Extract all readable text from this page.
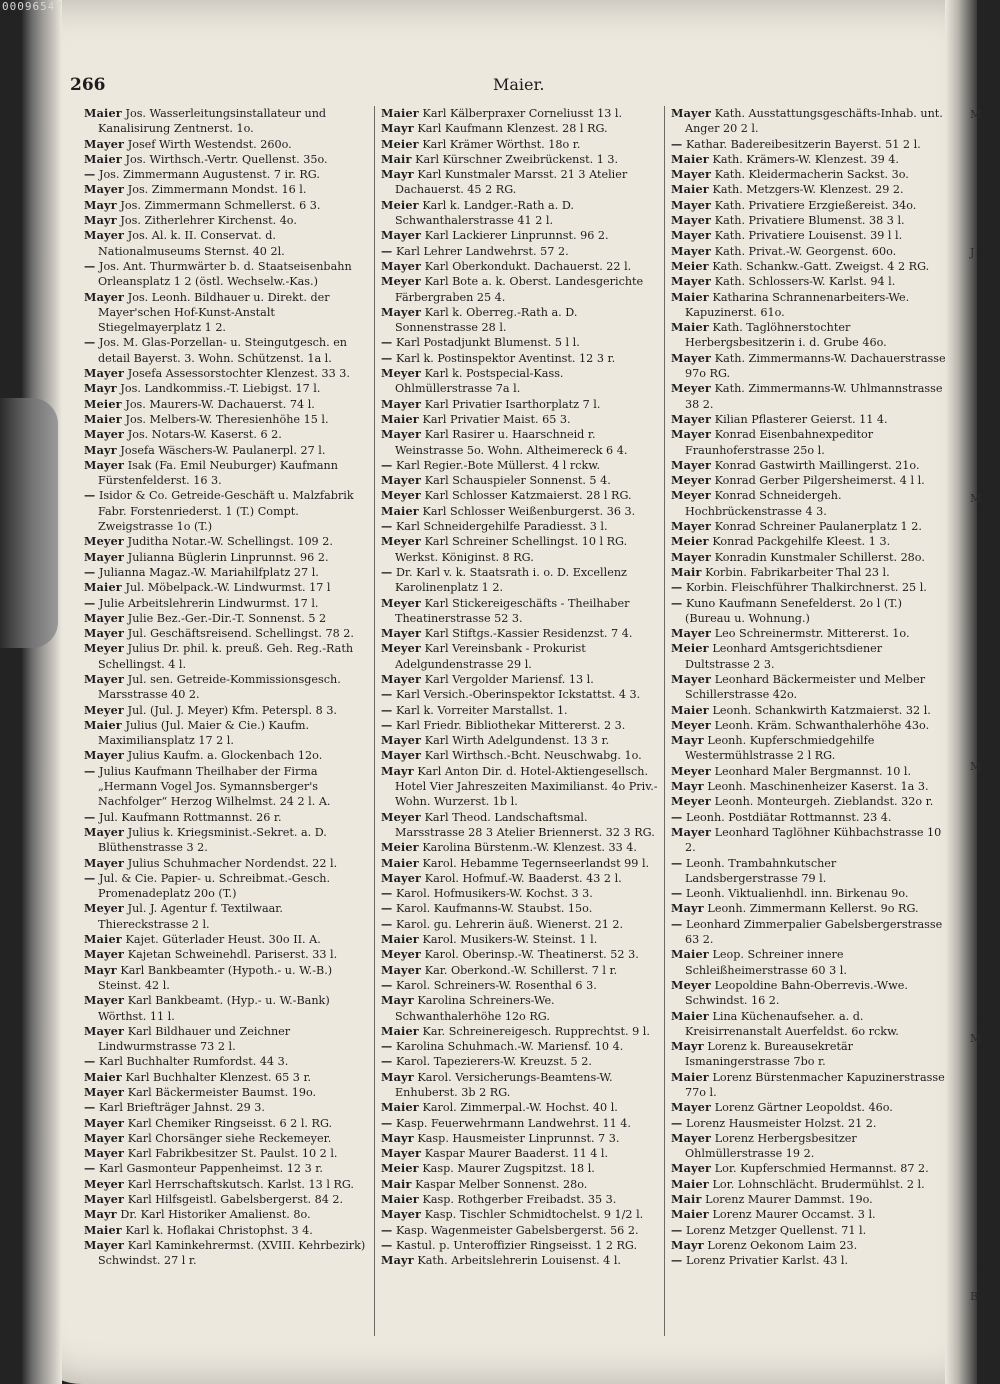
00096547
266	Maier.
Maier Jos. Wasserleitungsinstallateur und Kanalisirung Zentnerst. 1o.
Mayer Josef Wirth Westendst. 260o.
Maier Jos. Wirthsch.-Vertr. Quellenst. 35o.
— Jos. Zimmermann Augustenst. 7 ir. RG.
Mayer Jos. Zimmermann Mondst. 16 l.
Mayr Jos. Zimmermann Schmellerst. 6 3.
Mayr Jos. Zitherlehrer Kirchenst. 4o.
Mayer Jos. Al. k. II. Conservat. d. Nationalmuseums Sternst. 40 2l.
— Jos. Ant. Thurmwärter b. d. Staatseisenbahn Orleansplatz 1 2 (östl. Wechselw.-Kas.)
Mayer Jos. Leonh. Bildhauer u. Direkt. der Mayer'schen Hof-Kunst-Anstalt Stiegelmayerplatz 1 2.
— Jos. M. Glas-Porzellan- u. Steingutgesch. en detail Bayerst. 3. Wohn. Schützenst. 1a l.
Mayer Josefa Assessorstochter Klenzest. 33 3.
Mayr Jos. Landkommiss.-T. Liebigst. 17 l.
Meier Jos. Maurers-W. Dachauerst. 74 l.
Maier Jos. Melbers-W. Theresienhöhe 15 l.
Mayer Jos. Notars-W. Kaserst. 6 2.
Mayr Josefa Wäschers-W. Paulanerpl. 27 l.
Mayer Isak (Fa. Emil Neuburger) Kaufmann Fürstenfelderst. 16 3.
— Isidor & Co. Getreide-Geschäft u. Malzfabrik Fabr. Forstenriederst. 1 (T.) Compt. Zweigstrasse 1o (T.)
Meyer Juditha Notar.-W. Schellingst. 109 2.
Mayer Julianna Büglerin Linprunnst. 96 2.
— Julianna Magaz.-W. Mariahilfplatz 27 l.
Maier Jul. Möbelpack.-W. Lindwurmst. 17 l
— Julie Arbeitslehrerin Lindwurmst. 17 l.
Mayer Julie Bez.-Ger.-Dir.-T. Sonnenst. 5 2
Mayer Jul. Geschäftsreisend. Schellingst. 78 2.
Meyer Julius Dr. phil. k. preuß. Geh. Reg.-Rath Schellingst. 4 l.
Mayer Jul. sen. Getreide-Kommissionsgesch. Marsstrasse 40 2.
Meyer Jul. (Jul. J. Meyer) Kfm. Peterspl. 8 3.
Maier Julius (Jul. Maier & Cie.) Kaufm. Maximiliansplatz 17 2 l.
Mayer Julius Kaufm. a. Glockenbach 12o.
— Julius Kaufmann Theilhaber der Firma „Hermann Vogel Jos. Symannsberger's Nachfolger“ Herzog Wilhelmst. 24 2 l. A.
— Jul. Kaufmann Rottmannst. 26 r.
Mayer Julius k. Kriegsminist.-Sekret. a. D. Blüthenstrasse 3 2.
Mayer Julius Schuhmacher Nordendst. 22 l.
— Jul. & Cie. Papier- u. Schreibmat.-Gesch. Promenadeplatz 20o (T.)
Meyer Jul. J. Agentur f. Textilwaar. Thiereckstrasse 2 l.
Maier Kajet. Güterlader Heust. 30o II. A.
Mayer Kajetan Schweinehdl. Pariserst. 33 l.
Mayr Karl Bankbeamter (Hypoth.- u. W.-B.) Steinst. 42 l.
Mayer Karl Bankbeamt. (Hyp.- u. W.-Bank) Wörthst. 11 l.
Mayer Karl Bildhauer und Zeichner Lindwurmstrasse 73 2 l.
— Karl Buchhalter Rumfordst. 44 3.
Maier Karl Buchhalter Klenzest. 65 3 r.
Mayer Karl Bäckermeister Baumst. 19o.
— Karl Briefträger Jahnst. 29 3.
Mayer Karl Chemiker Ringseisst. 6 2 l. RG.
Mayer Karl Chorsänger siehe Reckemeyer.
Mayer Karl Fabrikbesitzer St. Paulst. 10 2 l.
— Karl Gasmonteur Pappenheimst. 12 3 r.
Meyer Karl Herrschaftskutsch. Karlst. 13 l RG.
Mayer Karl Hilfsgeistl. Gabelsbergerst. 84 2.
Mayr Dr. Karl Historiker Amalienst. 8o.
Maier Karl k. Hoflakai Christophst. 3 4.
Mayer Karl Kaminkehrermst. (XVIII. Kehrbezirk) Schwindst. 27 l r.
Maier Karl Kälberpraxer Corneliusst 13 l.
Mayr Karl Kaufmann Klenzest. 28 l RG.
Meier Karl Krämer Wörthst. 18o r.
Mair Karl Kürschner Zweibrückenst. 1 3.
Mayr Karl Kunstmaler Marsst. 21 3 Atelier Dachauerst. 45 2 RG.
Meier Karl k. Landger.-Rath a. D. Schwanthalerstrasse 41 2 l.
Mayer Karl Lackierer Linprunnst. 96 2.
— Karl Lehrer Landwehrst. 57 2.
Mayer Karl Oberkondukt. Dachauerst. 22 l.
Meyer Karl Bote a. k. Oberst. Landesgerichte Färbergraben 25 4.
Mayer Karl k. Oberreg.-Rath a. D. Sonnenstrasse 28 l.
— Karl Postadjunkt Blumenst. 5 l l.
— Karl k. Postinspektor Aventinst. 12 3 r.
Meyer Karl k. Postspecial-Kass. Ohlmüllerstrasse 7a l.
Mayer Karl Privatier Isarthorplatz 7 l.
Maier Karl Privatier Maist. 65 3.
Mayer Karl Rasirer u. Haarschneid r. Weinstrasse 5o. Wohn. Altheimereck 6 4.
— Karl Regier.-Bote Müllerst. 4 l rckw.
Mayer Karl Schauspieler Sonnenst. 5 4.
Meyer Karl Schlosser Katzmaierst. 28 l RG.
Maier Karl Schlosser Weißenburgerst. 36 3.
— Karl Schneidergehilfe Paradiesst. 3 l.
Meyer Karl Schreiner Schellingst. 10 l RG. Werkst. Königinst. 8 RG.
— Dr. Karl v. k. Staatsrath i. o. D. Excellenz Karolinenplatz 1 2.
Meyer Karl Stickereigeschäfts - Theilhaber Theatinerstrasse 52 3.
Mayer Karl Stiftgs.-Kassier Residenzst. 7 4.
Meyer Karl Vereinsbank - Prokurist Adelgundenstrasse 29 l.
Mayer Karl Vergolder Mariensf. 13 l.
— Karl Versich.-Oberinspektor Ickstattst. 4 3.
— Karl k. Vorreiter Marstallst. 1.
— Karl Friedr. Bibliothekar Mittererst. 2 3.
Mayer Karl Wirth Adelgundenst. 13 3 r.
Mayer Karl Wirthsch.-Bcht. Neuschwabg. 1o.
Mayr Karl Anton Dir. d. Hotel-Aktiengesellsch. Hotel Vier Jahreszeiten Maximilianst. 4o Priv.-Wohn. Wurzerst. 1b l.
Meyer Karl Theod. Landschaftsmal. Marsstrasse 28 3 Atelier Briennerst. 32 3 RG.
Meier Karolina Bürstenm.-W. Klenzest. 33 4.
Maier Karol. Hebamme Tegernseerlandst 99 l.
Mayer Karol. Hofmuf.-W. Baaderst. 43 2 l.
— Karol. Hofmusikers-W. Kochst. 3 3.
— Karol. Kaufmanns-W. Staubst. 15o.
— Karol. gu. Lehrerin äuß. Wienerst. 21 2.
Maier Karol. Musikers-W. Steinst. 1 l.
Meyer Karol. Oberinsp.-W. Theatinerst. 52 3.
Mayer Kar. Oberkond.-W. Schillerst. 7 l r.
— Karol. Schreiners-W. Rosenthal 6 3.
Mayr Karolina Schreiners-We. Schwanthalerhöhe 12o RG.
Maier Kar. Schreinereigesch. Rupprechtst. 9 l.
— Karolina Schuhmach.-W. Mariensf. 10 4.
— Karol. Tapezierers-W. Kreuzst. 5 2.
Mayr Karol. Versicherungs-Beamtens-W. Enhuberst. 3b 2 RG.
Maier Karol. Zimmerpal.-W. Hochst. 40 l.
— Kasp. Feuerwehrmann Landwehrst. 11 4.
Mayr Kasp. Hausmeister Linprunnst. 7 3.
Mayer Kaspar Maurer Baaderst. 11 4 l.
Meier Kasp. Maurer Zugspitzst. 18 l.
Mair Kaspar Melber Sonnenst. 28o.
Maier Kasp. Rothgerber Freibadst. 35 3.
Mayer Kasp. Tischler Schmidtochelst. 9 1/2 l.
— Kasp. Wagenmeister Gabelsbergerst. 56 2.
— Kastul. p. Unteroffizier Ringseisst. 1 2 RG.
Mayr Kath. Arbeitslehrerin Louisenst. 4 l.
Mayer Kath. Ausstattungsgeschäfts-Inhab. unt. Anger 20 2 l.
— Kathar. Badereibesitzerin Bayerst. 51 2 l.
Maier Kath. Krämers-W. Klenzest. 39 4.
Mayer Kath. Kleidermacherin Sackst. 3o.
Maier Kath. Metzgers-W. Klenzest. 29 2.
Mayer Kath. Privatiere Erzgießereist. 34o.
Mayer Kath. Privatiere Blumenst. 38 3 l.
Mayer Kath. Privatiere Louisenst. 39 l l.
Mayer Kath. Privat.-W. Georgenst. 60o.
Meier Kath. Schankw.-Gatt. Zweigst. 4 2 RG.
Mayer Kath. Schlossers-W. Karlst. 94 l.
Maier Katharina Schrannenarbeiters-We. Kapuzinerst. 61o.
Maier Kath. Taglöhnerstochter Herbergsbesitzerin i. d. Grube 46o.
Mayer Kath. Zimmermanns-W. Dachauerstrasse 97o RG.
Meyer Kath. Zimmermanns-W. Uhlmannstrasse 38 2.
Mayer Kilian Pflasterer Geierst. 11 4.
Mayer Konrad Eisenbahnexpeditor Fraunhoferstrasse 25o l.
Mayer Konrad Gastwirth Maillingerst. 21o.
Meyer Konrad Gerber Pilgersheimerst. 4 l l.
Meyer Konrad Schneidergeh. Hochbrückenstrasse 4 3.
Mayer Konrad Schreiner Paulanerplatz 1 2.
Meier Konrad Packgehilfe Kleest. 1 3.
Mayer Konradin Kunstmaler Schillerst. 28o.
Mair Korbin. Fabrikarbeiter Thal 23 l.
— Korbin. Fleischführer Thalkirchnerst. 25 l.
— Kuno Kaufmann Senefelderst. 2o l (T.) (Bureau u. Wohnung.)
Mayer Leo Schreinermstr. Mittererst. 1o.
Meier Leonhard Amtsgerichtsdiener Dultstrasse 2 3.
Mayer Leonhard Bäckermeister und Melber Schillerstrasse 42o.
Maier Leonh. Schankwirth Katzmaierst. 32 l.
Meyer Leonh. Kräm. Schwanthalerhöhe 43o.
Mayr Leonh. Kupferschmiedgehilfe Westermühlstrasse 2 l RG.
Meyer Leonhard Maler Bergmannst. 10 l.
Mayr Leonh. Maschinenheizer Kaserst. 1a 3.
Meyer Leonh. Monteurgeh. Zieblandst. 32o r.
— Leonh. Postdiätar Rottmannst. 23 4.
Mayer Leonhard Taglöhner Kühbachstrasse 10 2.
— Leonh. Trambahnkutscher Landsbergerstrasse 79 l.
— Leonh. Viktualienhdl. inn. Birkenau 9o.
Mayr Leonh. Zimmermann Kellerst. 9o RG.
— Leonhard Zimmerpalier Gabelsbergerstrasse 63 2.
Maier Leop. Schreiner innere Schleißheimerstrasse 60 3 l.
Meyer Leopoldine Bahn-Oberrevis.-Wwe. Schwindst. 16 2.
Maier Lina Küchenaufseher. a. d. Kreisirrenanstalt Auerfeldst. 6o rckw.
Mayr Lorenz k. Bureausekretär Ismaningerstrasse 7bo r.
Maier Lorenz Bürstenmacher Kapuzinerstrasse 77o l.
Mayer Lorenz Gärtner Leopoldst. 46o.
— Lorenz Hausmeister Holzst. 21 2.
Mayer Lorenz Herbergsbesitzer Ohlmüllerstrasse 19 2.
Mayer Lor. Kupferschmied Hermannst. 87 2.
Maier Lor. Lohnschlächt. Brudermühlst. 2 l.
Mair Lorenz Maurer Dammst. 19o.
Maier Lorenz Maurer Occamst. 3 l.
— Lorenz Metzger Quellenst. 71 l.
Mayr Lorenz Oekonom Laim 23.
— Lorenz Privatier Karlst. 43 l.
M
J
M
M
M
B
